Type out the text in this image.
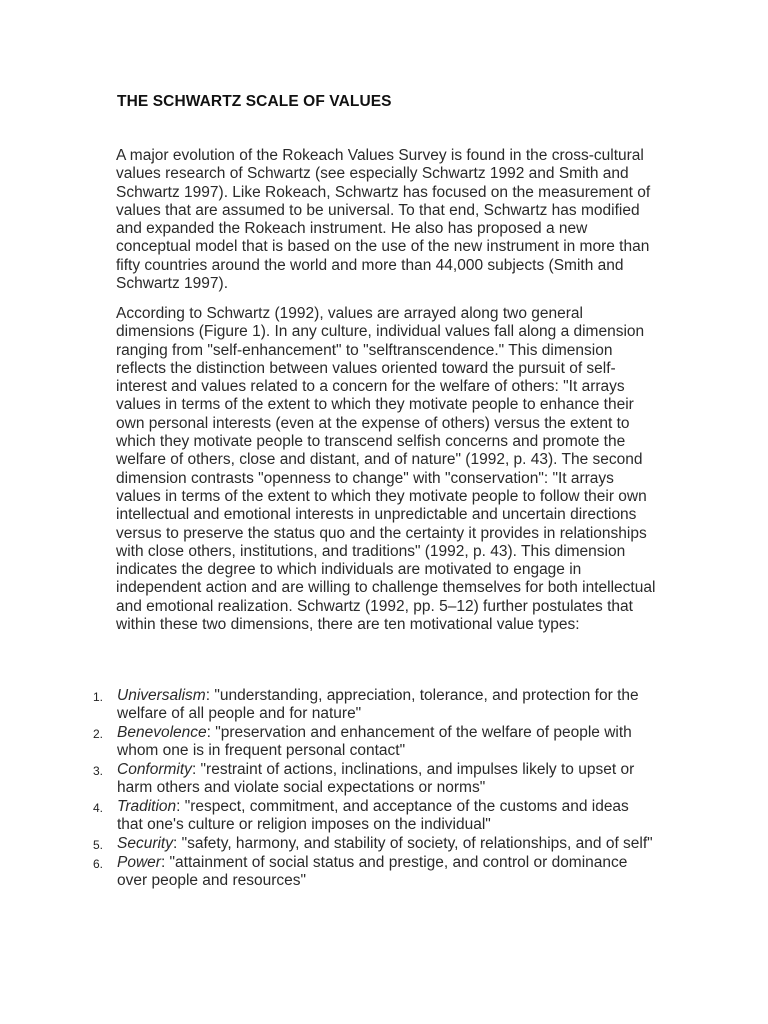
THE SCHWARTZ SCALE OF VALUES

A major evolution of the Rokeach Values Survey is found in the cross-cultural values research of Schwartz (see especially Schwartz 1992 and Smith and Schwartz 1997). Like Rokeach, Schwartz has focused on the measurement of values that are assumed to be universal. To that end, Schwartz has modified and expanded the Rokeach instrument. He also has proposed a new conceptual model that is based on the use of the new instrument in more than fifty countries around the world and more than 44,000 subjects (Smith and Schwartz 1997).

According to Schwartz (1992), values are arrayed along two general dimensions (Figure 1). In any culture, individual values fall along a dimension ranging from "self-enhancement" to "selftranscendence." This dimension reflects the distinction between values oriented toward the pursuit of self-interest and values related to a concern for the welfare of others: "It arrays values in terms of the extent to which they motivate people to enhance their own personal interests (even at the expense of others) versus the extent to which they motivate people to transcend selfish concerns and promote the welfare of others, close and distant, and of nature" (1992, p. 43). The second dimension contrasts "openness to change" with "conservation": "It arrays values in terms of the extent to which they motivate people to follow their own intellectual and emotional interests in unpredictable and uncertain directions versus to preserve the status quo and the certainty it provides in relationships with close others, institutions, and traditions" (1992, p. 43). This dimension indicates the degree to which individuals are motivated to engage in independent action and are willing to challenge themselves for both intellectual and emotional realization. Schwartz (1992, pp. 5–12) further postulates that within these two dimensions, there are ten motivational value types:

1. Universalism: "understanding, appreciation, tolerance, and protection for the welfare of all people and for nature"
2. Benevolence: "preservation and enhancement of the welfare of people with whom one is in frequent personal contact"
3. Conformity: "restraint of actions, inclinations, and impulses likely to upset or harm others and violate social expectations or norms"
4. Tradition: "respect, commitment, and acceptance of the customs and ideas that one's culture or religion imposes on the individual"
5. Security: "safety, harmony, and stability of society, of relationships, and of self"
6. Power: "attainment of social status and prestige, and control or dominance over people and resources"
